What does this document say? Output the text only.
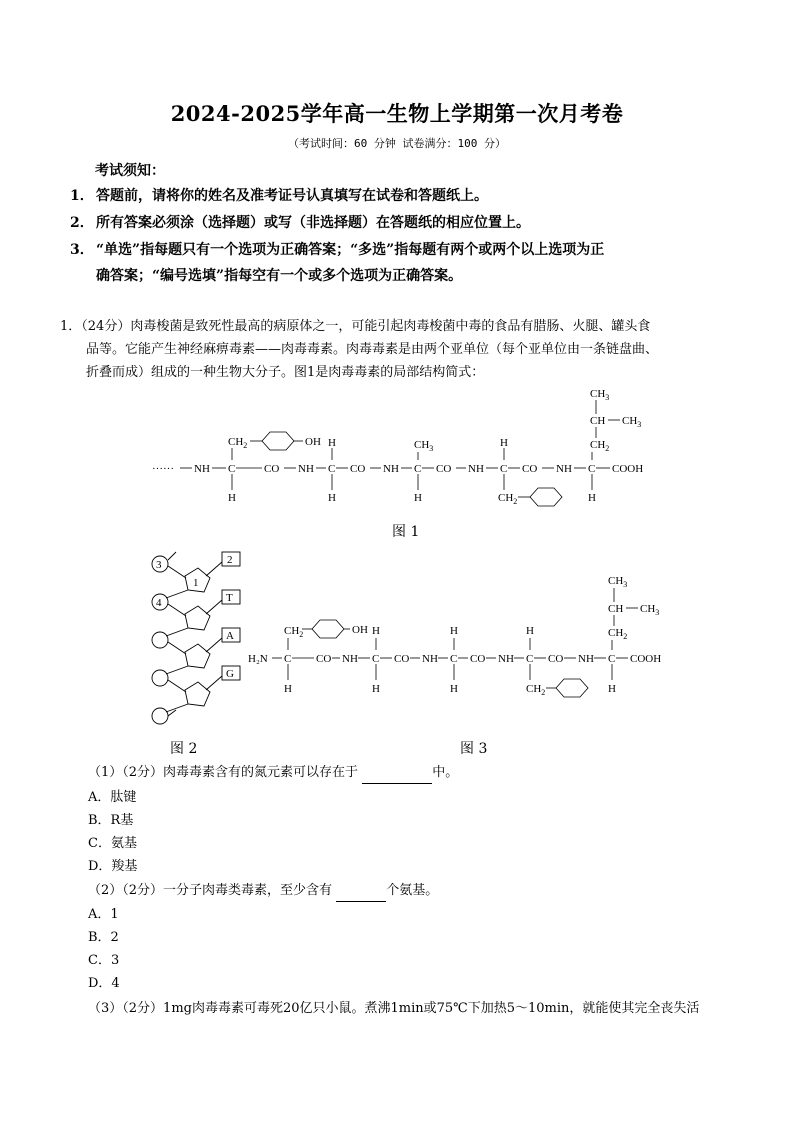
2024-2025学年高一生物上学期第一次月考卷
（考试时间：60 分钟 试卷满分：100 分）
考试须知：
1． 答题前，请将你的姓名及准考证号认真填写在试卷和答题纸上。
2． 所有答案必须涂（选择题）或写（非选择题）在答题纸的相应位置上。
3． “单选”指每题只有一个选项为正确答案；“多选”指每题有两个或两个以上选项为正
确答案；“编号选填”指每空有一个或多个选项为正确答案。
1．（24分）肉毒梭菌是致死性最高的病原体之一，可能引起肉毒梭菌中毒的食品有腊肠、火腿、罐头食
品等。它能产生神经麻痹毒素——肉毒毒素。肉毒毒素是由两个亚单位（每个亚单位由一条链盘曲、
折叠而成）组成的一种生物大分子。图1是肉毒毒素的局部结构简式：
······ NH C	CO NH C CO NH C CO NH C CO NH C COOH
H
H
H	H
H
H
$CH_2$	OH	$CH_3$
$CH_2$
$CH_3$
CH $CH_3$
$CH_2$
图 1
3
4
1
2
T
A
G
H₂N C CO NH C CO NH C CO NH C CO NH C COOH
H
H
H
H
H
H
H
$CH_2$	OH
$CH_2$
$CH_3$
CH $CH_3$
$CH_2$
图 2	图 3
（1）（2分）肉毒毒素含有的氮元素可以存在于	中。
A．肽键
B．R基
C．氨基
D．羧基
（2）（2分）一分子肉毒类毒素，至少含有	个氨基。
A．1
B．2
C．3
D．4
（3）（2分）1mg肉毒毒素可毒死20亿只小鼠。煮沸1min或75℃下加热5～10min，就能使其完全丧失活
